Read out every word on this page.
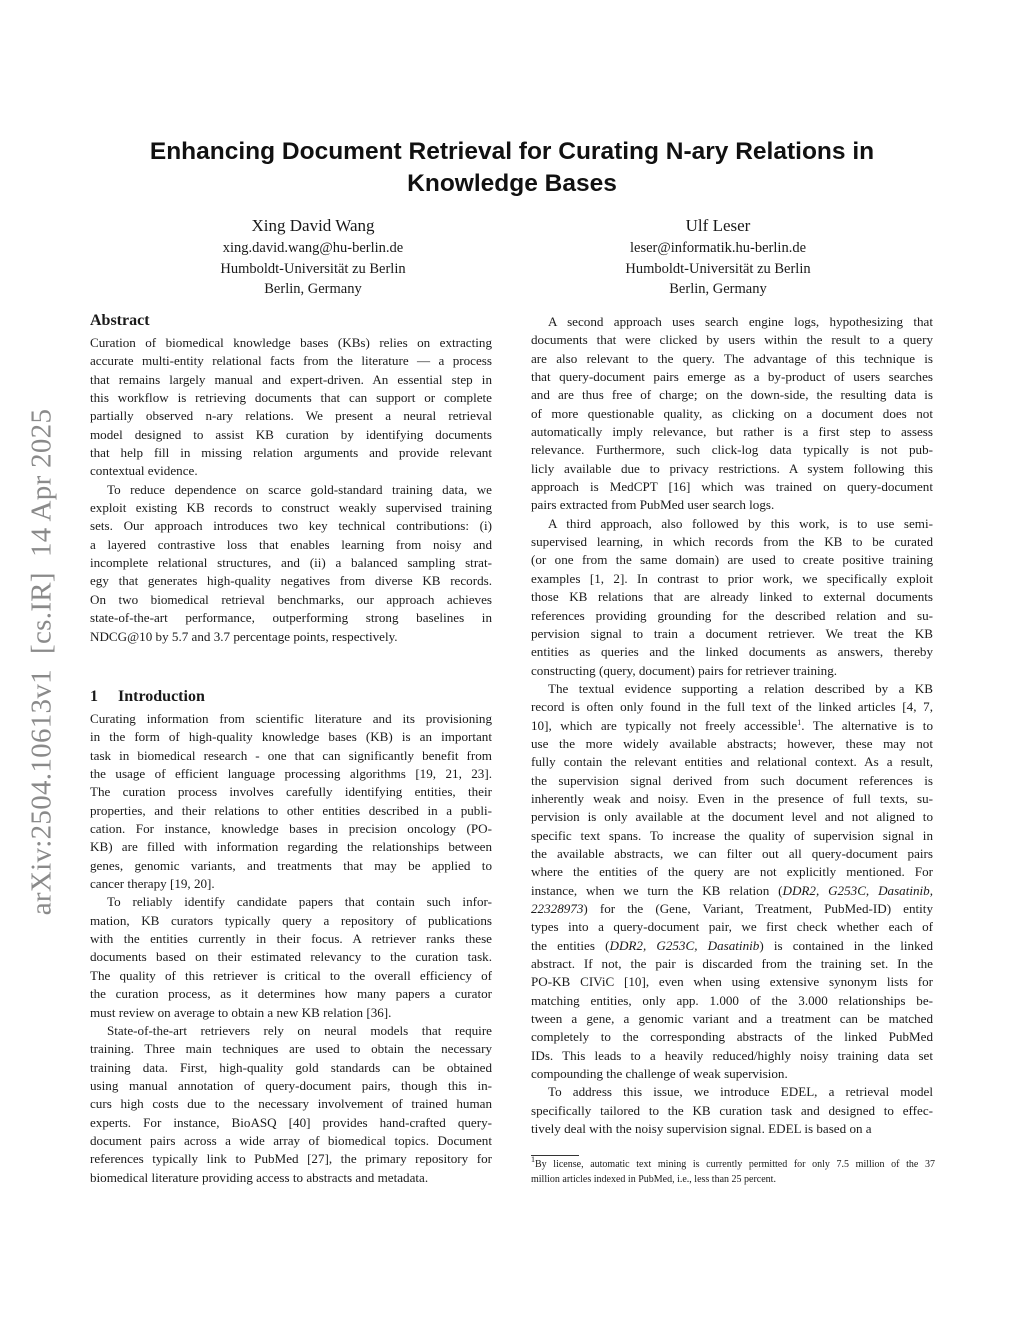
Enhancing Document Retrieval for Curating N-ary Relations in
Knowledge Bases
Xing David Wang
xing.david.wang@hu-berlin.de
Humboldt-Universität zu Berlin
Berlin, Germany
Ulf Leser
leser@informatik.hu-berlin.de
Humboldt-Universität zu Berlin
Berlin, Germany
arXiv:2504.10613v1  [cs.IR]  14 Apr 2025
Abstract
Curation of biomedical knowledge bases (KBs) relies on extracting
accurate multi-entity relational facts from the literature — a process
that remains largely manual and expert-driven. An essential step in
this workflow is retrieving documents that can support or complete
partially observed n-ary relations. We present a neural retrieval
model designed to assist KB curation by identifying documents
that help fill in missing relation arguments and provide relevant
contextual evidence.
To reduce dependence on scarce gold-standard training data, we
exploit existing KB records to construct weakly supervised training
sets. Our approach introduces two key technical contributions: (i)
a layered contrastive loss that enables learning from noisy and
incomplete relational structures, and (ii) a balanced sampling strat-
egy that generates high-quality negatives from diverse KB records.
On two biomedical retrieval benchmarks, our approach achieves
state-of-the-art performance, outperforming strong baselines in
NDCG@10 by 5.7 and 3.7 percentage points, respectively.
1	Introduction
Curating information from scientific literature and its provisioning
in the form of high-quality knowledge bases (KB) is an important
task in biomedical research - one that can significantly benefit from
the usage of efficient language processing algorithms [19, 21, 23].
The curation process involves carefully identifying entities, their
properties, and their relations to other entities described in a publi-
cation. For instance, knowledge bases in precision oncology (PO-
KB) are filled with information regarding the relationships between
genes, genomic variants, and treatments that may be applied to
cancer therapy [19, 20].
To reliably identify candidate papers that contain such infor-
mation, KB curators typically query a repository of publications
with the entities currently in their focus. A retriever ranks these
documents based on their estimated relevancy to the curation task.
The quality of this retriever is critical to the overall efficiency of
the curation process, as it determines how many papers a curator
must review on average to obtain a new KB relation [36].
State-of-the-art retrievers rely on neural models that require
training. Three main techniques are used to obtain the necessary
training data. First, high-quality gold standards can be obtained
using manual annotation of query-document pairs, though this in-
curs high costs due to the necessary involvement of trained human
experts. For instance, BioASQ [40] provides hand-crafted query-
document pairs across a wide array of biomedical topics. Document
references typically link to PubMed [27], the primary repository for
biomedical literature providing access to abstracts and metadata.
A second approach uses search engine logs, hypothesizing that
documents that were clicked by users within the result to a query
are also relevant to the query. The advantage of this technique is
that query-document pairs emerge as a by-product of users searches
and are thus free of charge; on the down-side, the resulting data is
of more questionable quality, as clicking on a document does not
automatically imply relevance, but rather is a first step to assess
relevance. Furthermore, such click-log data typically is not pub-
licly available due to privacy restrictions. A system following this
approach is MedCPT [16] which was trained on query-document
pairs extracted from PubMed user search logs.
A third approach, also followed by this work, is to use semi-
supervised learning, in which records from the KB to be curated
(or one from the same domain) are used to create positive training
examples [1, 2]. In contrast to prior work, we specifically exploit
those KB relations that are already linked to external documents
references providing grounding for the described relation and su-
pervision signal to train a document retriever. We treat the KB
entities as queries and the linked documents as answers, thereby
constructing (query, document) pairs for retriever training.
The textual evidence supporting a relation described by a KB
record is often only found in the full text of the linked articles [4, 7,
10], which are typically not freely accessible$^1$. The alternative is to
use the more widely available abstracts; however, these may not
fully contain the relevant entities and relational context. As a result,
the supervision signal derived from such document references is
inherently weak and noisy. Even in the presence of full texts, su-
pervision is only available at the document level and not aligned to
specific text spans. To increase the quality of supervision signal in
the available abstracts, we can filter out all query-document pairs
where the entities of the query are not explicitly mentioned. For
instance, when we turn the KB relation (DDR2, G253C, Dasatinib,
22328973) for the (Gene, Variant, Treatment, PubMed-ID) entity
types into a query-document pair, we first check whether each of
the entities (DDR2, G253C, Dasatinib) is contained in the linked
abstract. If not, the pair is discarded from the training set. In the
PO-KB CIViC [10], even when using extensive synonym lists for
matching entities, only app. 1.000 of the 3.000 relationships be-
tween a gene, a genomic variant and a treatment can be matched
completely to the corresponding abstracts of the linked PubMed
IDs. This leads to a heavily reduced/highly noisy training data set
compounding the challenge of weak supervision.
To address this issue, we introduce EDEL, a retrieval model
specifically tailored to the KB curation task and designed to effec-
tively deal with the noisy supervision signal. EDEL is based on a
$^1$By license, automatic text mining is currently permitted for only 7.5 million of the 37
million articles indexed in PubMed, i.e., less than 25 percent.
